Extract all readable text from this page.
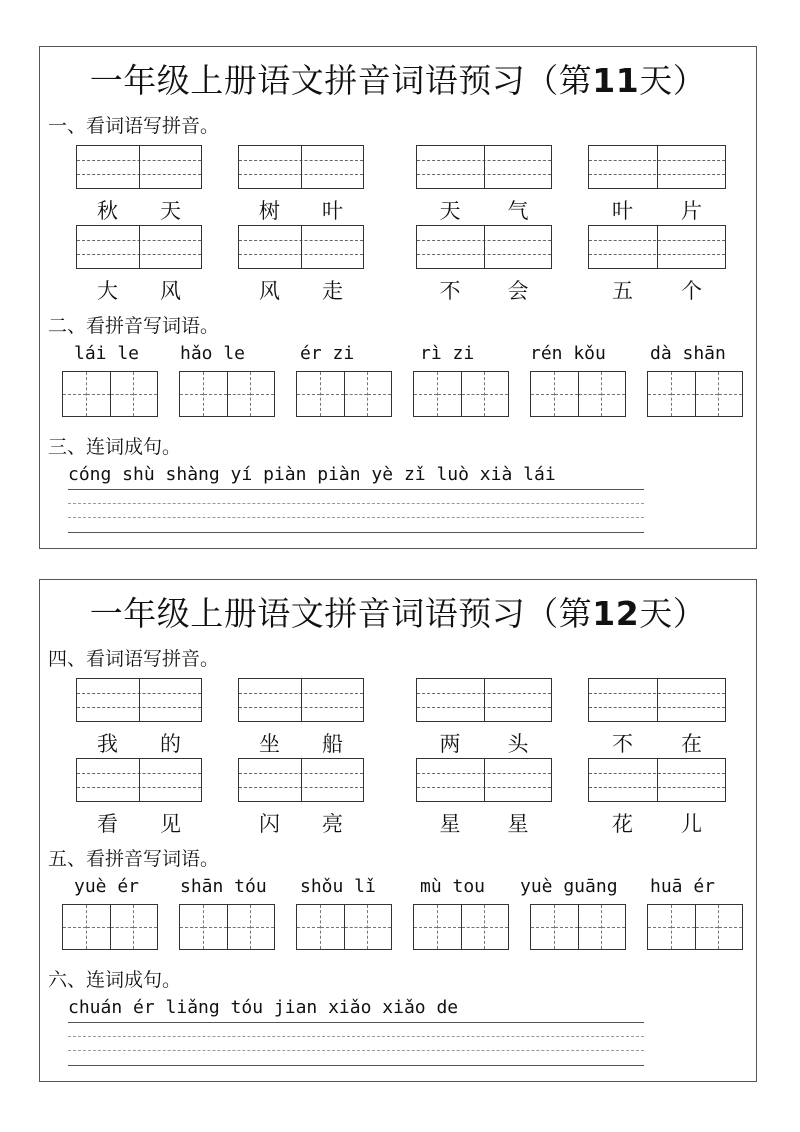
一年级上册语文拼音词语预习（第11天）
一、看词语写拼音。
秋 天	树 叶	天 气	叶 片
大 风	风 走	不 会	五 个
二、看拼音写词语。
lái le hǎo le	ér zi	rì zi	rén kǒu dà shān
三、连词成句。
cóng shù shàng yí piàn piàn yè zǐ luò xià lái
一年级上册语文拼音词语预习（第12天）
四、看词语写拼音。
我 的	坐 船	两 头	不 在
看 见	闪 亮	星 星	花 儿
五、看拼音写词语。
yuè ér shān tóu shǒu lǐ mù tou yuè guāng huā ér
六、连词成句。
chuán ér liǎng tóu jian xiǎo xiǎo de
